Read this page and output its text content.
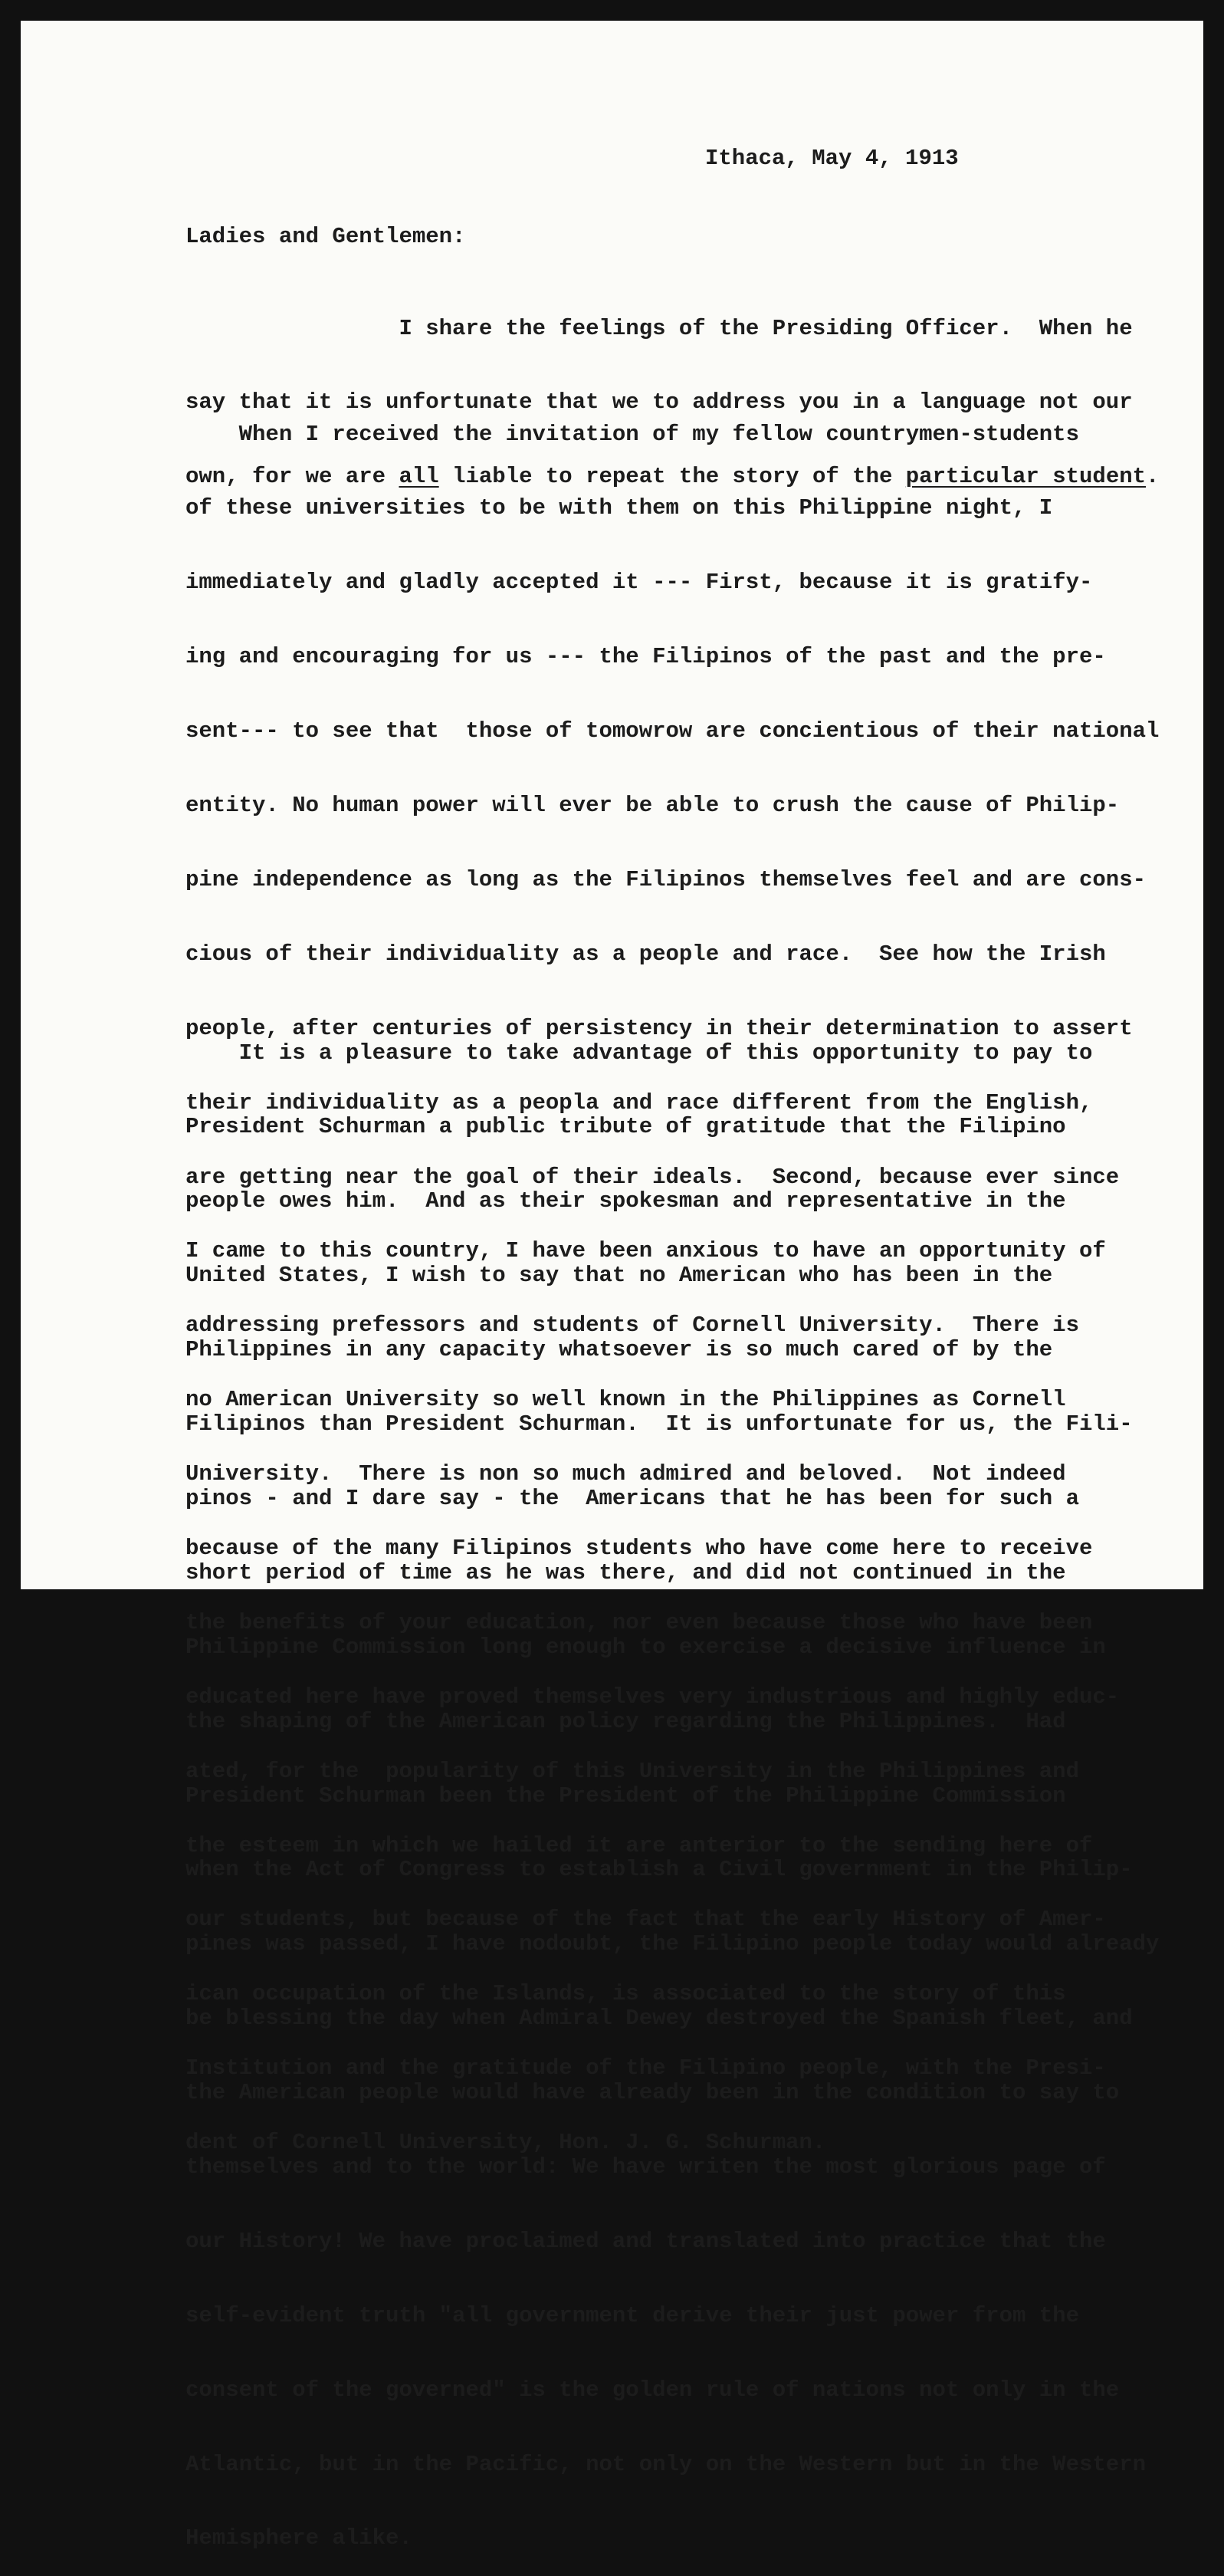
Ithaca, May 4, 1913
Ladies and Gentlemen:

I share the feelings of the Presiding Officer.  When he

say that it is unfortunate that we to address you in a language not our

own, for we are all liable to repeat the story of the particular student.

When I received the invitation of my fellow countrymen-students

of these universities to be with them on this Philippine night, I

immediately and gladly accepted it --- First, because it is gratify-

ing and encouraging for us --- the Filipinos of the past and the pre-

sent--- to see that  those of tomowrow are concientious of their national

entity. No human power will ever be able to crush the cause of Philip-

pine independence as long as the Filipinos themselves feel and are cons-

cious of their individuality as a people and race.  See how the Irish

people, after centuries of persistency in their determination to assert

their individuality as a peopla and race different from the English,

are getting near the goal of their ideals.  Second, because ever since

I came to this country, I have been anxious to have an opportunity of

addressing prefessors and students of Cornell University.  There is

no American University so well known in the Philippines as Cornell

University.  There is non so much admired and beloved.  Not indeed

because of the many Filipinos students who have come here to receive

the benefits of your education, nor even because those who have been

educated here have proved themselves very industrious and highly educ-

ated, for the  popularity of this University in the Philippines and

the esteem in which we hailed it are anterior to the sending here of

our students, but because of the fact that the early History of Amer-

ican occupation of the Islands, is associated to the story of this

Institution and the gratitude of the Filipino people, with the Presi-

dent of Cornell University, Hon. J. G. Schurman.

It is a pleasure to take advantage of this opportunity to pay to

President Schurman a public tribute of gratitude that the Filipino

people owes him.  And as their spokesman and representative in the

United States, I wish to say that no American who has been in the

Philippines in any capacity whatsoever is so much cared of by the

Filipinos than President Schurman.  It is unfortunate for us, the Fili-

pinos - and I dare say - the  Americans that he has been for such a

short period of time as he was there, and did not continued in the

Philippine Commission long enough to exercise a decisive influence in

the shaping of the American policy regarding the Philippines.  Had

President Schurman been the President of the Philippine Commission

when the Act of Congress to establish a Civil government in the Philip-

pines was passed, I have nodoubt, the Filipino people today would already

be blessing the day when Admiral Dewey destroyed the Spanish fleet, and

the American people would have already been in the condition to say to

themselves and to the world: We have writen the most glorious page of

our History! We have proclaimed and translated into practice that the

self-evident truth "all government derive their just power from the

consent of the governed" is the golden rule of nations not only in the

Atlantic, but in the Pacific, not only on the Western but in the Western

Hemisphere alike.
